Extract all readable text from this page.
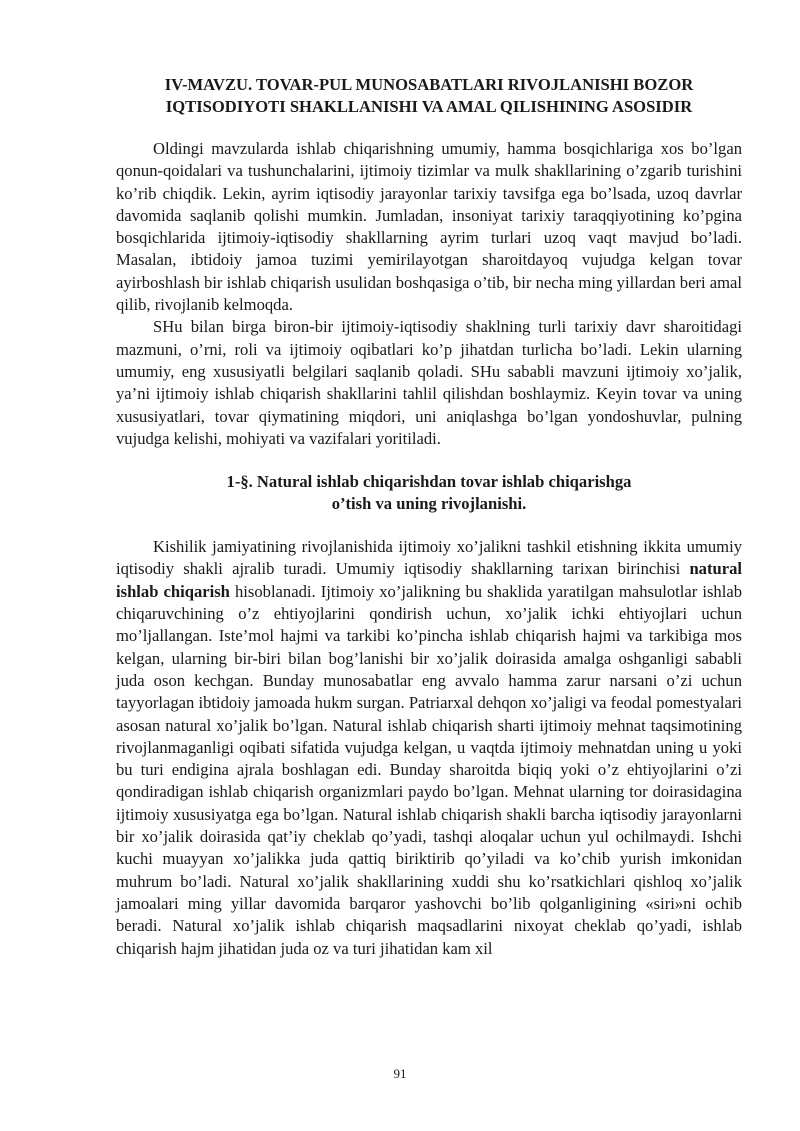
IV-MAVZU. TOVAR-PUL MUNOSABATLARI RIVOJLANISHI BOZOR
IQTISODIYOTI SHAKLLANISHI VA AMAL QILISHINING ASOSIDIR

Oldingi mavzularda ishlab chiqarishning umumiy, hamma bosqichlariga xos bo’lgan qonun-qoidalari va tushunchalarini, ijtimoiy tizimlar va mulk shakllarining o’zgarib turishini ko’rib chiqdik. Lekin, ayrim iqtisodiy jarayonlar tarixiy tavsifga ega bo’lsada, uzoq davrlar davomida saqlanib qolishi mumkin. Jumladan, insoniyat tarixiy taraqqiyotining ko’pgina bosqichlarida ijtimoiy-iqtisodiy shakllarning ayrim turlari uzoq vaqt mavjud bo’ladi. Masalan, ibtidoiy jamoa tuzimi yemirilayotgan sharoitdayoq vujudga kelgan tovar ayirboshlash bir ishlab chiqarish usulidan boshqasiga o’tib, bir necha ming yillardan beri amal qilib, rivojlanib kelmoqda.

SHu bilan birga biron-bir ijtimoiy-iqtisodiy shaklning turli tarixiy davr sharoitidagi mazmuni, o’rni, roli va ijtimoiy oqibatlari ko’p jihatdan turlicha bo’ladi. Lekin ularning umumiy, eng xususiyatli belgilari saqlanib qoladi. SHu sababli mavzuni ijtimoiy xo’jalik, ya’ni ijtimoiy ishlab chiqarish shakllarini tahlil qilishdan boshlaymiz. Keyin tovar va uning xususiyatlari, tovar qiymatining miqdori, uni aniqlashga bo’lgan yondoshuvlar, pulning vujudga kelishi, mohiyati va vazifalari yoritiladi.

1-§. Natural ishlab chiqarishdan tovar ishlab chiqarishga
o’tish va uning rivojlanishi.

Kishilik jamiyatining rivojlanishida ijtimoiy xo’jalikni tashkil etishning ikkita umumiy iqtisodiy shakli ajralib turadi. Umumiy iqtisodiy shakllarning tarixan birinchisi natural ishlab chiqarish hisoblanadi. Ijtimoiy xo’jalikning bu shaklida yaratilgan mahsulotlar ishlab chiqaruvchining o’z ehtiyojlarini qondirish uchun, xo’jalik ichki ehtiyojlari uchun mo’ljallangan. Iste’mol hajmi va tarkibi ko’pincha ishlab chiqarish hajmi va tarkibiga mos kelgan, ularning bir-biri bilan bog’lanishi bir xo’jalik doirasida amalga oshganligi sababli juda oson kechgan. Bunday munosabatlar eng avvalo hamma zarur narsani o’zi uchun tayyorlagan ibtidoiy jamoada hukm surgan. Patriarxal dehqon xo’jaligi va feodal pomestyalari asosan natural xo’jalik bo’lgan. Natural ishlab chiqarish sharti ijtimoiy mehnat taqsimotining rivojlanmaganligi oqibati sifatida vujudga kelgan, u vaqtda ijtimoiy mehnatdan uning u yoki bu turi endigina ajrala boshlagan edi. Bunday sharoitda biqiq yoki o’z ehtiyojlarini o’zi qondiradigan ishlab chiqarish organizmlari paydo bo’lgan. Mehnat ularning tor doirasidagina ijtimoiy xususiyatga ega bo’lgan. Natural ishlab chiqarish shakli barcha iqtisodiy jarayonlarni bir xo’jalik doirasida qat’iy cheklab qo’yadi, tashqi aloqalar uchun yul ochilmaydi. Ishchi kuchi muayyan xo’jalikka juda qattiq biriktirib qo’yiladi va ko’chib yurish imkonidan muhrum bo’ladi. Natural xo’jalik shakllarining xuddi shu ko’rsatkichlari qishloq xo’jalik jamoalari ming yillar davomida barqaror yashovchi bo’lib qolganligining «siri»ni ochib beradi. Natural xo’jalik ishlab chiqarish maqsadlarini nixoyat cheklab qo’yadi, ishlab chiqarish hajm jihatidan juda oz va turi jihatidan kam xil

91
